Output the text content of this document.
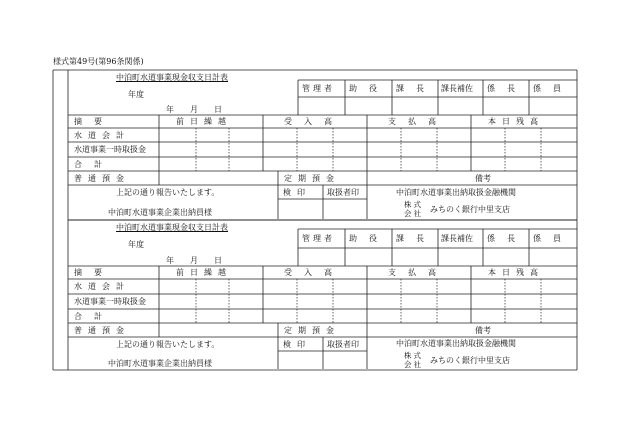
様式第49号(第96条関係)
中泊町水道事業現金収支日計表
年度
年　　月　　日
管理者 助役 課長 課長補佐 係長 係員
摘要	前日繰越	受入高	支払高	本日残高
水道会計
水道事業一時取扱金
合計
普通預金	定期預金	備考
上記の通り報告いたします。
中泊町水道事業企業出納員様
検印 取扱者印	中泊町水道事業出納取扱金融機関
株式
会社 みちのく銀行中里支店
中泊町水道事業現金収支日計表
年度
年　　月　　日
管理者 助役 課長 課長補佐 係長 係員
摘要	前日繰越	受入高	支払高	本日残高
水道会計
水道事業一時取扱金
合計
普通預金	定期預金	備考
上記の通り報告いたします。
中泊町水道事業企業出納員様
検印 取扱者印	中泊町水道事業出納取扱金融機関
株式
会社 みちのく銀行中里支店
